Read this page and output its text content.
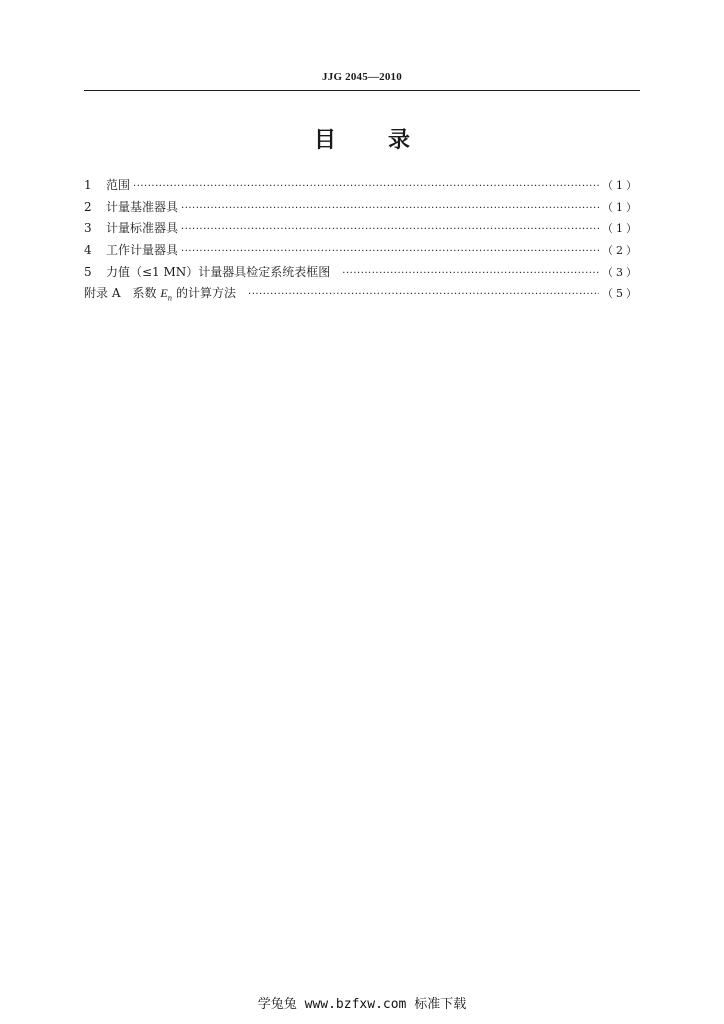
JJG 2045—2010
目 录
1	范围 ·····	（1）
2	计量基准器具 ·····	（1）
3	计量标准器具 ·····	（1）
4	工作计量器具 ·····	（2）
5	力值（≤1 MN）计量器具检定系统表框图 ·····	（3）
附录 A　系数 $E_n$ 的计算方法 ·····	（5）
学兔兔 www.bzfxw.com 标准下载
